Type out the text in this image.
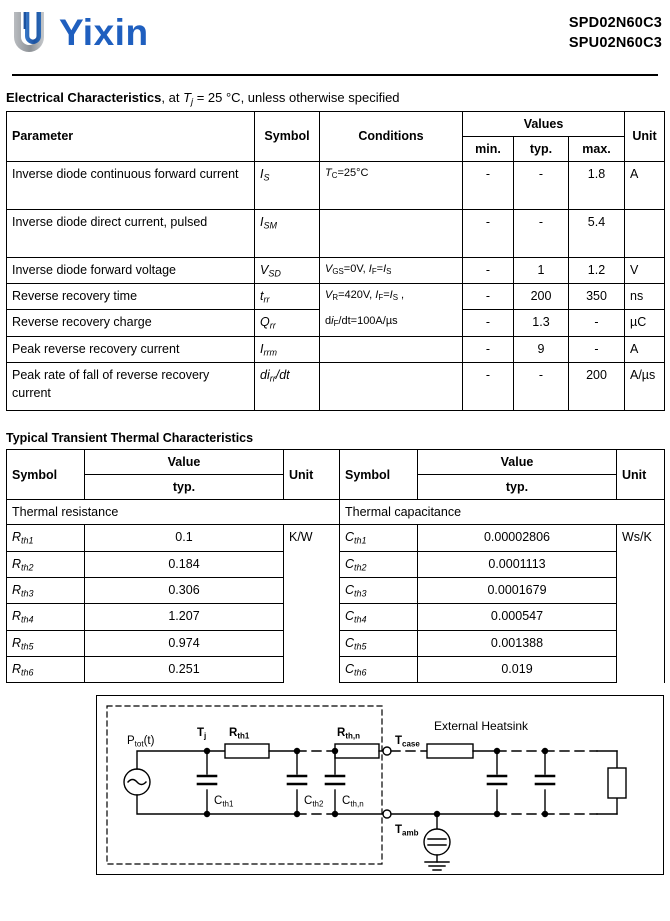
Yixin	SPD02N60C3
SPU02N60C3
Electrical Characteristics, at $T_j = 25$ °C, unless otherwise specified
Parameter	Symbol	Conditions	Values			Unit
			min.	typ.	max.	
Inverse diode continuous forward current	$I_S$	$T_C=25^\circ C$	-	-	1.8	A
Inverse diode direct current, pulsed	$I_{SM}$		-	-	5.4	
Inverse diode forward voltage	$V_{SD}$	$V_{GS}=0V$, $I_F=I_S$	-	1	1.2	V
Reverse recovery time	$t_{rr}$	$V_R=420V$, $I_F=I_S$ ,	-	200	350	ns
Reverse recovery charge	$Q_{rr}$	$di_F/dt=100A/\mu s$	-	1.3	-	µC
Peak reverse recovery current	$I_{rrm}$		-	9	-	A
Peak rate of fall of reverse recovery current	$di_{rr}/dt$		-	-	200	A/µs
Typical Transient Thermal Characteristics
Symbol	Value	Unit	Symbol	Value	Unit
	typ.			typ.	
Thermal resistance			Thermal capacitance		
$R_{th1}$	0.1	K/W	$C_{th1}$	0.00002806	Ws/K
$R_{th2}$	0.184		$C_{th2}$	0.0001113	
$R_{th3}$	0.306		$C_{th3}$	0.0001679	
$R_{th4}$	1.207		$C_{th4}$	0.000547	
$R_{th5}$	0.974		$C_{th5}$	0.001388	
$R_{th6}$	0.251		$C_{th6}$	0.019	
$P_{tot}(t)$
$T_j$ $R_{th1}$	$R_{th,n}$
$C_{th1}$	$C_{th2}$ $C_{th,n}$
$T_{case}$
$T_{amb}$
External Heatsink
